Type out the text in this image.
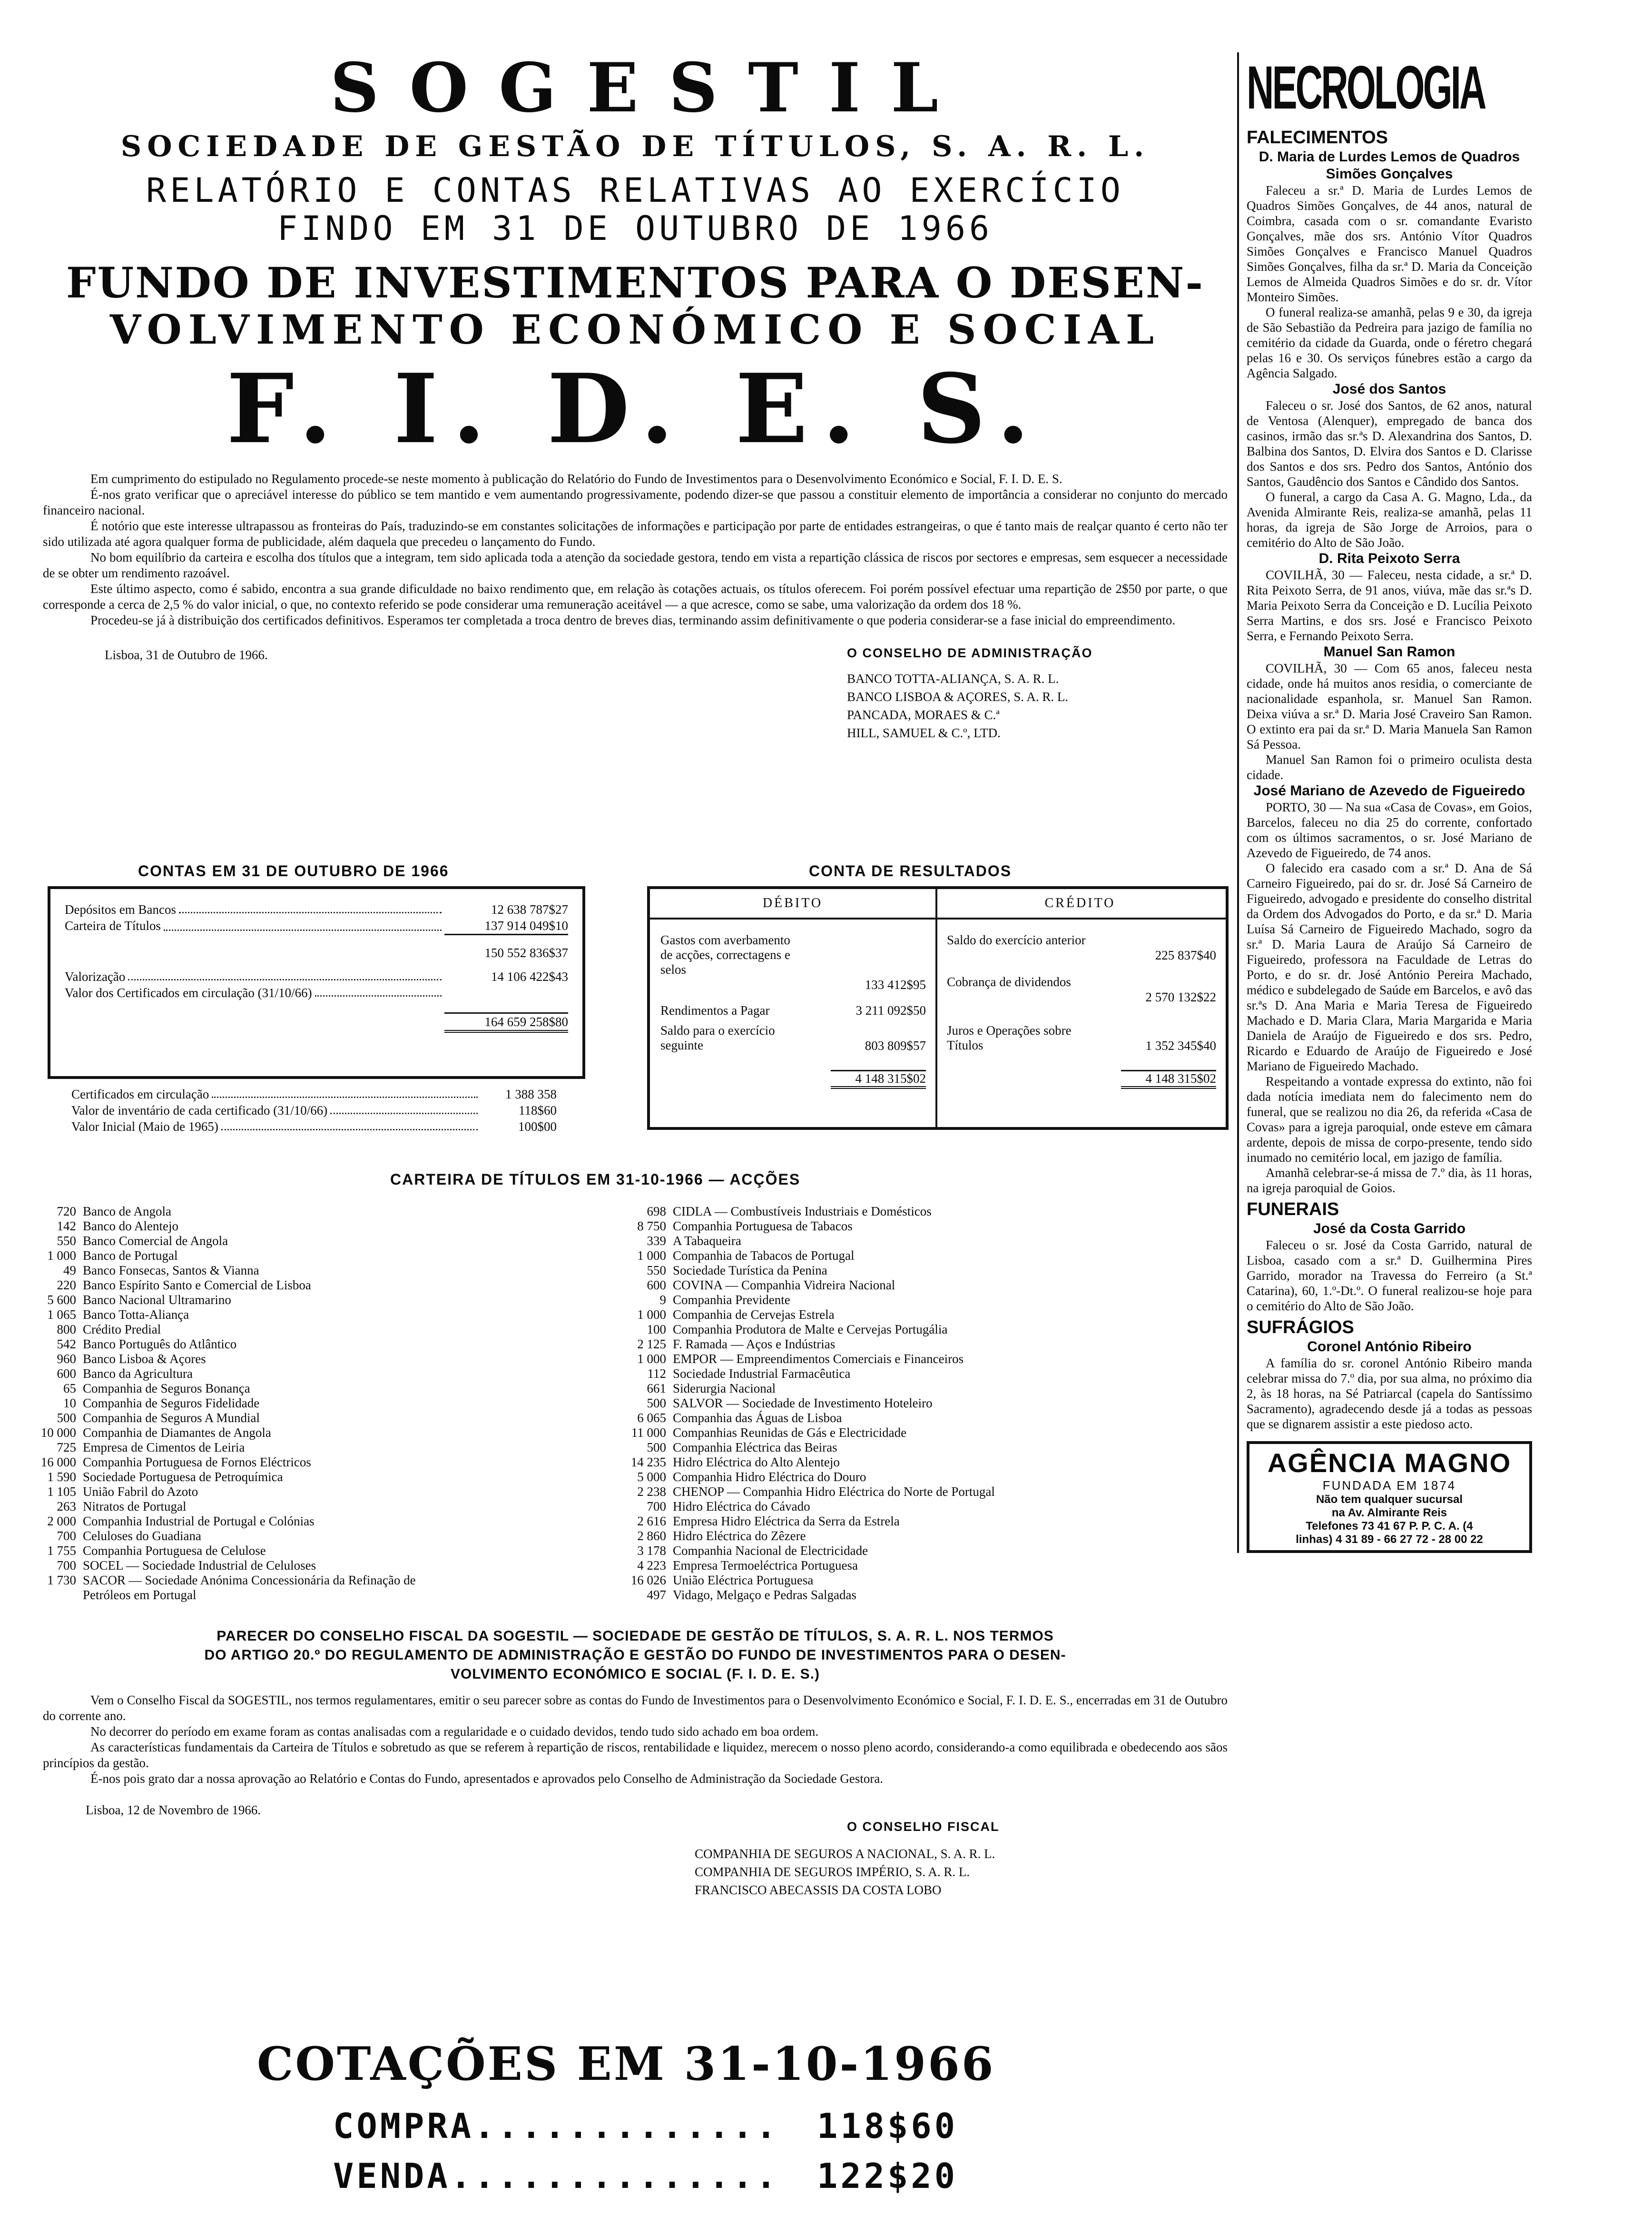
SOGESTIL
SOCIEDADE DE GESTÃO DE TÍTULOS, S. A. R. L.
RELATÓRIO E CONTAS RELATIVAS AO EXERCÍCIO
FINDO EM 31 DE OUTUBRO DE 1966
FUNDO DE INVESTIMENTOS PARA O DESEN-
VOLVIMENTO ECONÓMICO E SOCIAL
F. I. D. E. S.

Em cumprimento do estipulado no Regulamento procede-se neste momento à publicação do Relatório do Fundo de Investimentos para o Desenvolvimento Económico e Social, F. I. D. E. S.

É-nos grato verificar que o apreciável interesse do público se tem mantido e vem aumentando progressivamente, podendo dizer-se que passou a constituir elemento de importância a considerar no conjunto do mercado financeiro nacional.

É notório que este interesse ultrapassou as fronteiras do País, traduzindo-se em constantes solicitações de informações e participação por parte de entidades estrangeiras, o que é tanto mais de realçar quanto é certo não ter sido utilizada até agora qualquer forma de publicidade, além daquela que precedeu o lançamento do Fundo.

No bom equilíbrio da carteira e escolha dos títulos que a integram, tem sido aplicada toda a atenção da sociedade gestora, tendo em vista a repartição clássica de riscos por sectores e empresas, sem esquecer a necessidade de se obter um rendimento razoável.

Este último aspecto, como é sabido, encontra a sua grande dificuldade no baixo rendimento que, em relação às cotações actuais, os títulos oferecem. Foi porém possível efectuar uma repartição de 2$50 por parte, o que corresponde a cerca de 2,5 % do valor inicial, o que, no contexto referido se pode considerar uma remuneração aceitável — a que acresce, como se sabe, uma valorização da ordem dos 18 %.

Procedeu-se já à distribuição dos certificados definitivos. Esperamos ter completada a troca dentro de breves dias, terminando assim definitivamente o que poderia considerar-se a fase inicial do empreendimento.

Lisboa, 31 de Outubro de 1966.	O CONSELHO DE ADMINISTRAÇÃO
BANCO TOTTA-ALIANÇA, S. A. R. L.
BANCO LISBOA & AÇORES, S. A. R. L.
PANCADA, MORAES & C.ª
HILL, SAMUEL & C.º, LTD.
CONTAS EM 31 DE OUTUBRO DE 1966
Depósitos em Bancos	12 638 787$27
Carteira de Títulos	137 914 049$10
150 552 836$37
Valorização	14 106 422$43
Valor dos Certificados em circulação (31/10/66)
164 659 258$80
Certificados em circulação	1 388 358
Valor de inventário de cada certificado (31/10/66)	118$60
Valor Inicial (Maio de 1965)	100$00
CONTA DE RESULTADOS
DÉBITO	CRÉDITO
Gastos com averbamento de acções, correctagens e selos
133 412$95
Rendimentos a Pagar	3 211 092$50
Saldo para o exercício seguinte	803 809$57
4 148 315$02
Saldo do exercício anterior
225 837$40
Cobrança de dividendos
2 570 132$22
Juros e Operações sobre Títulos	1 352 345$40
4 148 315$02
CARTEIRA DE TÍTULOS EM 31-10-1966 — ACÇÕES
720 Banco de Angola
142 Banco do Alentejo
550 Banco Comercial de Angola
1 000 Banco de Portugal
49 Banco Fonsecas, Santos & Vianna
220 Banco Espírito Santo e Comercial de Lisboa
5 600 Banco Nacional Ultramarino
1 065 Banco Totta-Aliança
800 Crédito Predial
542 Banco Português do Atlântico
960 Banco Lisboa & Açores
600 Banco da Agricultura
65 Companhia de Seguros Bonança
10 Companhia de Seguros Fidelidade
500 Companhia de Seguros A Mundial
10 000 Companhia de Diamantes de Angola
725 Empresa de Cimentos de Leiria
16 000 Companhia Portuguesa de Fornos Eléctricos
1 590 Sociedade Portuguesa de Petroquímica
1 105 União Fabril do Azoto
263 Nitratos de Portugal
2 000 Companhia Industrial de Portugal e Colónias
700 Celuloses do Guadiana
1 755 Companhia Portuguesa de Celulose
700 SOCEL — Sociedade Industrial de Celuloses
1 730 SACOR — Sociedade Anónima Concessionária da Refinação de
Petróleos em Portugal
698 CIDLA — Combustíveis Industriais e Domésticos
8 750 Companhia Portuguesa de Tabacos
339 A Tabaqueira
1 000 Companhia de Tabacos de Portugal
550 Sociedade Turística da Penina
600 COVINA — Companhia Vidreira Nacional
9 Companhia Previdente
1 000 Companhia de Cervejas Estrela
100 Companhia Produtora de Malte e Cervejas Portugália
2 125 F. Ramada — Aços e Indústrias
1 000 EMPOR — Empreendimentos Comerciais e Financeiros
112 Sociedade Industrial Farmacêutica
661 Siderurgia Nacional
500 SALVOR — Sociedade de Investimento Hoteleiro
6 065 Companhia das Águas de Lisboa
11 000 Companhias Reunidas de Gás e Electricidade
500 Companhia Eléctrica das Beiras
14 235 Hidro Eléctrica do Alto Alentejo
5 000 Companhia Hidro Eléctrica do Douro
2 238 CHENOP — Companhia Hidro Eléctrica do Norte de Portugal
700 Hidro Eléctrica do Cávado
2 616 Empresa Hidro Eléctrica da Serra da Estrela
2 860 Hidro Eléctrica do Zêzere
3 178 Companhia Nacional de Electricidade
4 223 Empresa Termoeléctrica Portuguesa
16 026 União Eléctrica Portuguesa
497 Vidago, Melgaço e Pedras Salgadas
PARECER DO CONSELHO FISCAL DA SOGESTIL — SOCIEDADE DE GESTÃO DE TÍTULOS, S. A. R. L. NOS TERMOS
DO ARTIGO 20.º DO REGULAMENTO DE ADMINISTRAÇÃO E GESTÃO DO FUNDO DE INVESTIMENTOS PARA O DESEN-
VOLVIMENTO ECONÓMICO E SOCIAL (F. I. D. E. S.)

Vem o Conselho Fiscal da SOGESTIL, nos termos regulamentares, emitir o seu parecer sobre as contas do Fundo de Investimentos para o Desenvolvimento Económico e Social, F. I. D. E. S., encerradas em 31 de Outubro do corrente ano.

No decorrer do período em exame foram as contas analisadas com a regularidade e o cuidado devidos, tendo tudo sido achado em boa ordem.

As características fundamentais da Carteira de Títulos e sobretudo as que se referem à repartição de riscos, rentabilidade e liquidez, merecem o nosso pleno acordo, considerando-a como equilibrada e obedecendo aos sãos princípios da gestão.

É-nos pois grato dar a nossa aprovação ao Relatório e Contas do Fundo, apresentados e aprovados pelo Conselho de Administração da Sociedade Gestora.

Lisboa, 12 de Novembro de 1966.
O CONSELHO FISCAL
COMPANHIA DE SEGUROS A NACIONAL, S. A. R. L.
COMPANHIA DE SEGUROS IMPÉRIO, S. A. R. L.
FRANCISCO ABECASSIS DA COSTA LOBO
COTAÇÕES EM 31-10-1966
COMPRA............. 118$60
VENDA.............. 122$20
NECROLOGIA
FALECIMENTOS
D. Maria de Lurdes Lemos de Quadros Simões Gonçalves

Faleceu a sr.ª D. Maria de Lurdes Lemos de Quadros Simões Gonçalves, de 44 anos, natural de Coimbra, casada com o sr. comandante Evaristo Gonçalves, mãe dos srs. António Vítor Quadros Simões Gonçalves e Francisco Manuel Quadros Simões Gonçalves, filha da sr.ª D. Maria da Conceição Lemos de Almeida Quadros Simões e do sr. dr. Vítor Monteiro Simões.

O funeral realiza-se amanhã, pelas 9 e 30, da igreja de São Sebastião da Pedreira para jazigo de família no cemitério da cidade da Guarda, onde o féretro chegará pelas 16 e 30. Os serviços fúnebres estão a cargo da Agência Salgado.

José dos Santos

Faleceu o sr. José dos Santos, de 62 anos, natural de Ventosa (Alenquer), empregado de banca dos casinos, irmão das sr.ªs D. Alexandrina dos Santos, D. Balbina dos Santos, D. Elvira dos Santos e D. Clarisse dos Santos e dos srs. Pedro dos Santos, António dos Santos, Gaudêncio dos Santos e Cândido dos Santos.

O funeral, a cargo da Casa A. G. Magno, Lda., da Avenida Almirante Reis, realiza-se amanhã, pelas 11 horas, da igreja de São Jorge de Arroios, para o cemitério do Alto de São João.

D. Rita Peixoto Serra

COVILHÃ, 30 — Faleceu, nesta cidade, a sr.ª D. Rita Peixoto Serra, de 91 anos, viúva, mãe das sr.ªs D. Maria Peixoto Serra da Conceição e D. Lucília Peixoto Serra Martins, e dos srs. José e Francisco Peixoto Serra, e Fernando Peixoto Serra.

Manuel San Ramon

COVILHÃ, 30 — Com 65 anos, faleceu nesta cidade, onde há muitos anos residia, o comerciante de nacionalidade espanhola, sr. Manuel San Ramon. Deixa viúva a sr.ª D. Maria José Craveiro San Ramon. O extinto era pai da sr.ª D. Maria Manuela San Ramon Sá Pessoa.

Manuel San Ramon foi o primeiro oculista desta cidade.

José Mariano de Azevedo de Figueiredo

PORTO, 30 — Na sua «Casa de Covas», em Goios, Barcelos, faleceu no dia 25 do corrente, confortado com os últimos sacramentos, o sr. José Mariano de Azevedo de Figueiredo, de 74 anos.

O falecido era casado com a sr.ª D. Ana de Sá Carneiro Figueiredo, pai do sr. dr. José Sá Carneiro de Figueiredo, advogado e presidente do conselho distrital da Ordem dos Advogados do Porto, e da sr.ª D. Maria Luísa Sá Carneiro de Figueiredo Machado, sogro da sr.ª D. Maria Laura de Araújo Sá Carneiro de Figueiredo, professora na Faculdade de Letras do Porto, e do sr. dr. José António Pereira Machado, médico e subdelegado de Saúde em Barcelos, e avô das sr.ªs D. Ana Maria e Maria Teresa de Figueiredo Machado e D. Maria Clara, Maria Margarida e Maria Daniela de Araújo de Figueiredo e dos srs. Pedro, Ricardo e Eduardo de Araújo de Figueiredo e José Mariano de Figueiredo Machado.

Respeitando a vontade expressa do extinto, não foi dada notícia imediata nem do falecimento nem do funeral, que se realizou no dia 26, da referida «Casa de Covas» para a igreja paroquial, onde esteve em câmara ardente, depois de missa de corpo-presente, tendo sido inumado no cemitério local, em jazigo de família.

Amanhã celebrar-se-á missa de 7.º dia, às 11 horas, na igreja paroquial de Goios.

FUNERAIS
José da Costa Garrido

Faleceu o sr. José da Costa Garrido, natural de Lisboa, casado com a sr.ª D. Guilhermina Pires Garrido, morador na Travessa do Ferreiro (a St.ª Catarina), 60, 1.º-Dt.º. O funeral realizou-se hoje para o cemitério do Alto de São João.

SUFRÁGIOS
Coronel António Ribeiro

A família do sr. coronel António Ribeiro manda celebrar missa do 7.º dia, por sua alma, no próximo dia 2, às 18 horas, na Sé Patriarcal (capela do Santíssimo Sacramento), agradecendo desde já a todas as pessoas que se dignarem assistir a este piedoso acto.

AGÊNCIA MAGNO
FUNDADA EM 1874
Não tem qualquer sucursal
na Av. Almirante Reis
Telefones 73 41 67 P. P. C. A. (4
linhas) 4 31 89 - 66 27 72 - 28 00 22
